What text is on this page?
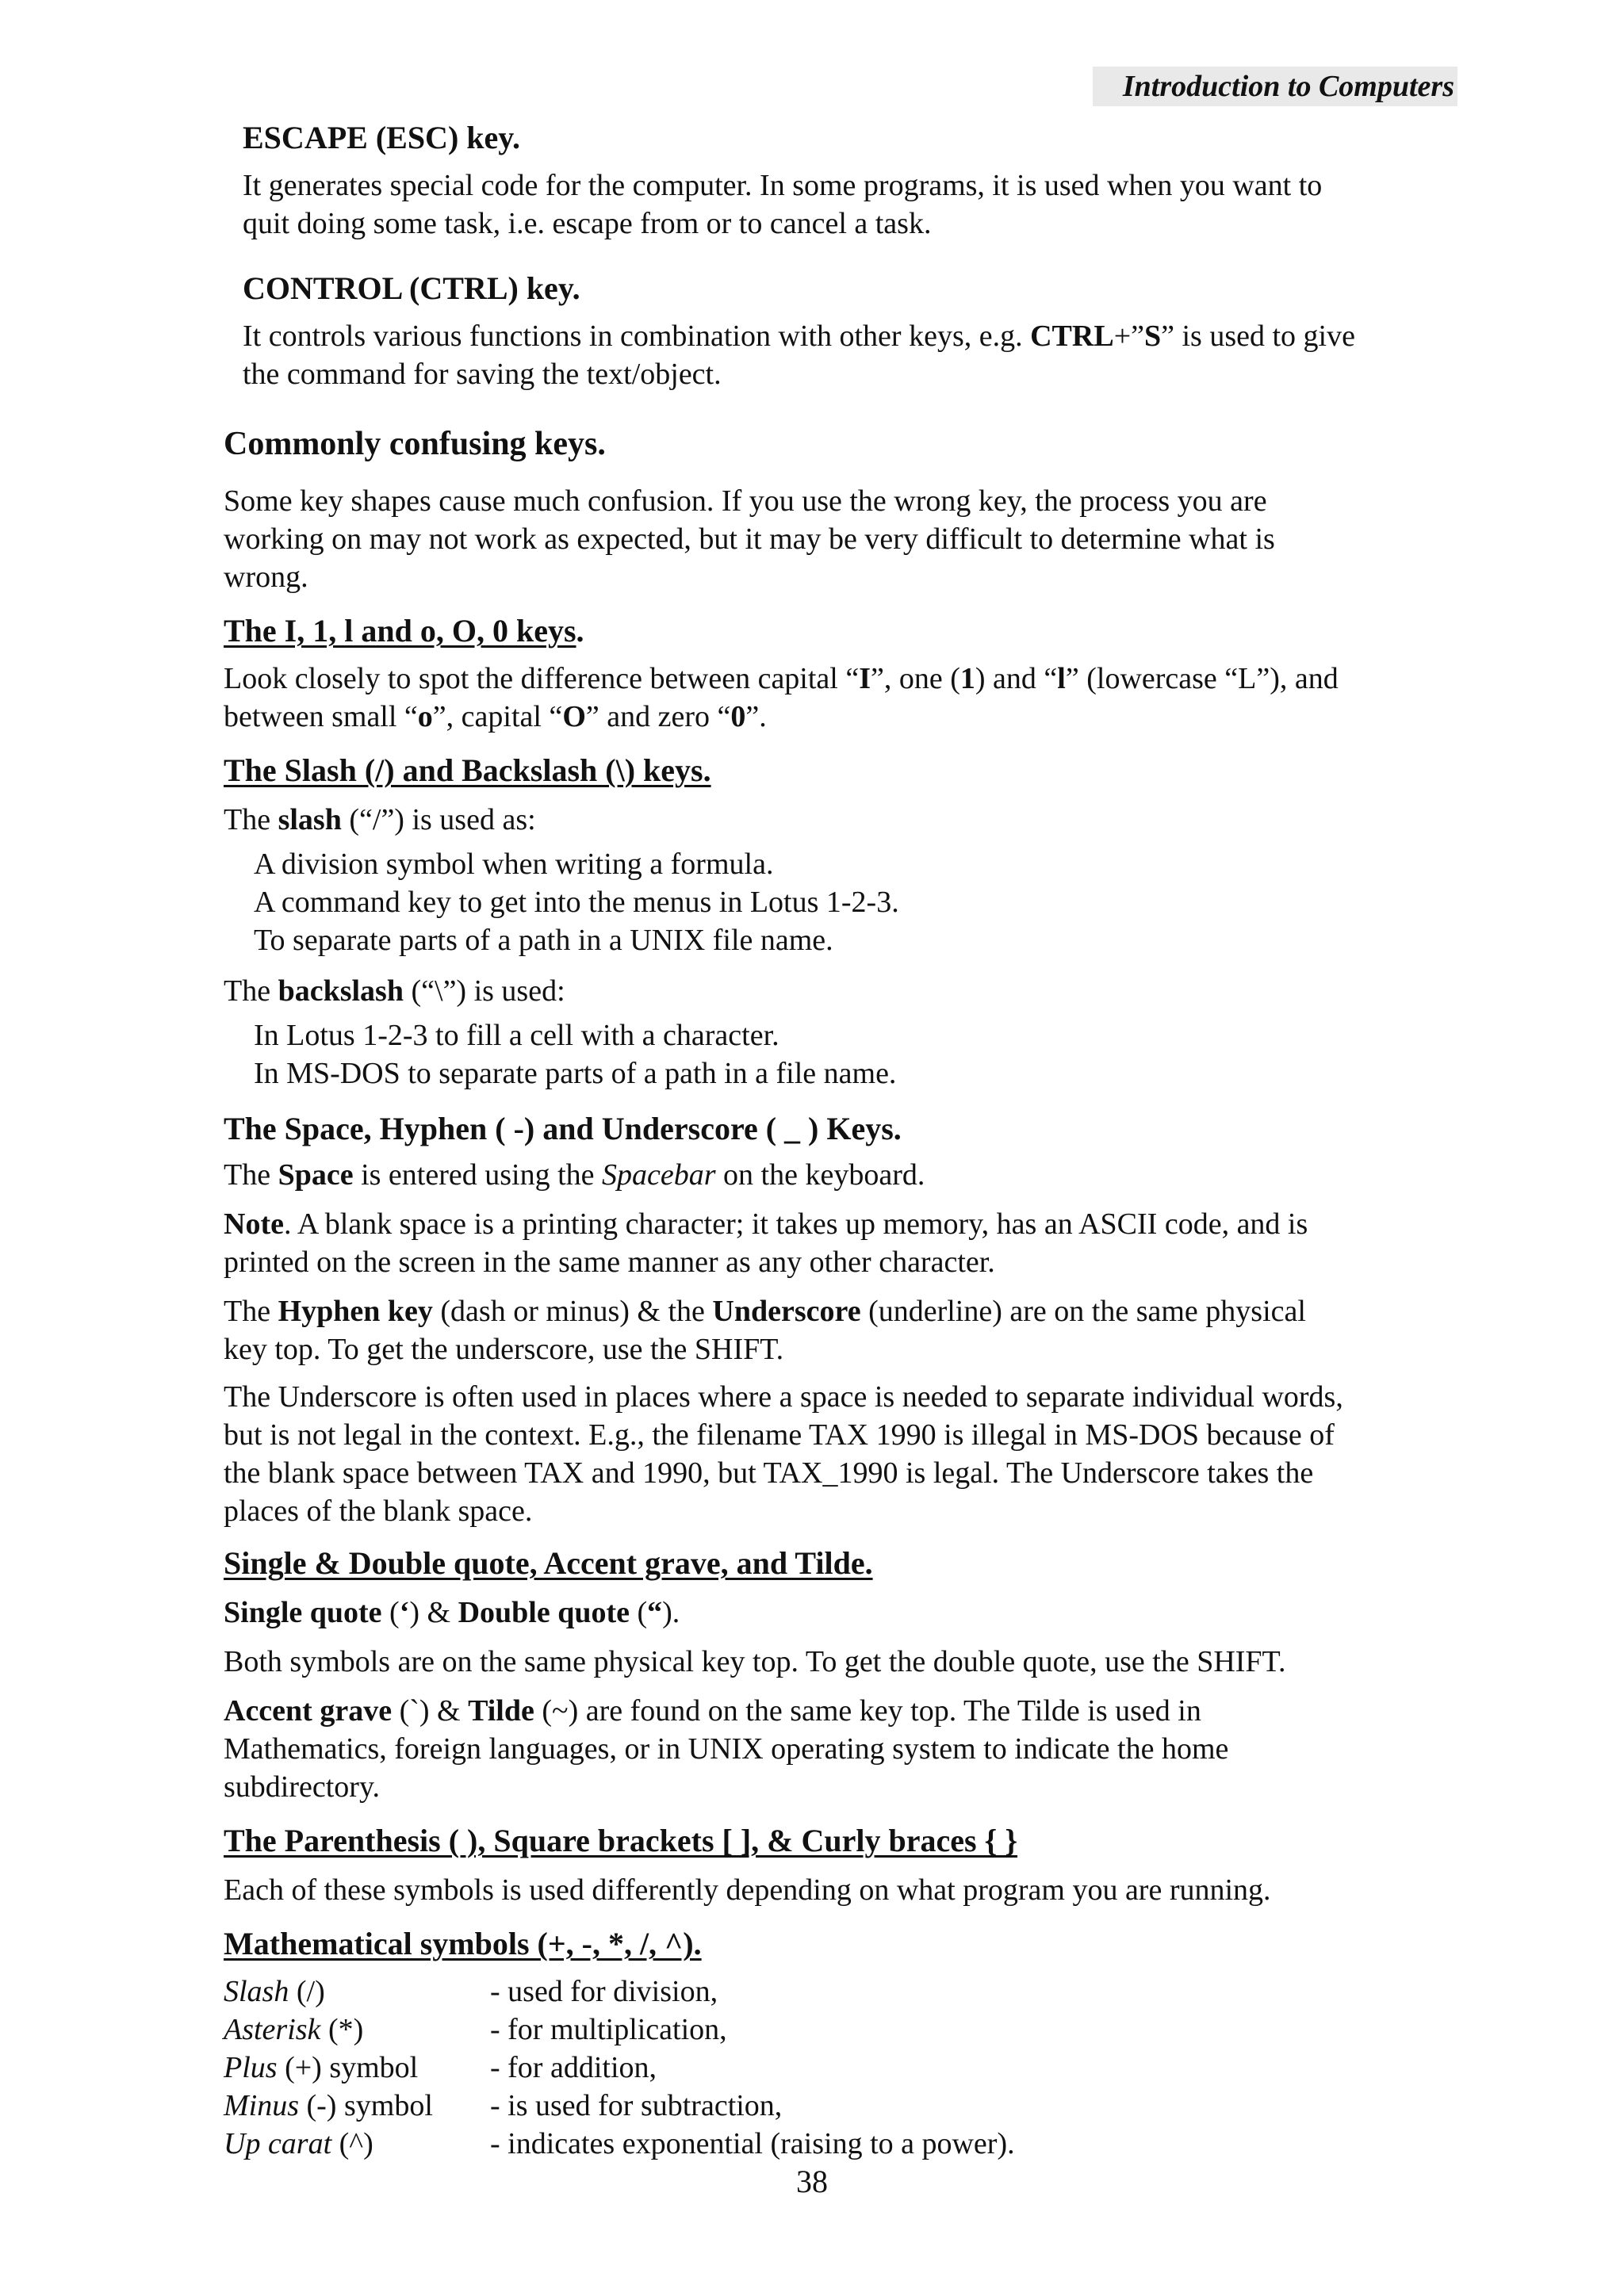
Introduction to Computers
ESCAPE (ESC) key.
It generates special code for the computer. In some programs, it is used when you want to
quit doing some task, i.e. escape from or to cancel a task.
CONTROL (CTRL) key.
It controls various functions in combination with other keys, e.g. CTRL+”S” is used to give
the command for saving the text/object.
Commonly confusing keys.
Some key shapes cause much confusion. If you use the wrong key, the process you are
working on may not work as expected, but it may be very difficult to determine what is
wrong.
The I, 1, l and o, O, 0 keys.
Look closely to spot the difference between capital “I”, one (1) and “l” (lowercase “L”), and
between small “o”, capital “O” and zero “0”.
The Slash (/) and Backslash (\) keys.
The slash (“/”) is used as:
A division symbol when writing a formula.
A command key to get into the menus in Lotus 1-2-3.
To separate parts of a path in a UNIX file name.
The backslash (“\”) is used:
In Lotus 1-2-3 to fill a cell with a character.
In MS-DOS to separate parts of a path in a file name.
The Space, Hyphen ( -) and Underscore ( _ ) Keys.
The Space is entered using the Spacebar on the keyboard.
Note. A blank space is a printing character; it takes up memory, has an ASCII code, and is
printed on the screen in the same manner as any other character.
The Hyphen key (dash or minus) & the Underscore (underline) are on the same physical
key top. To get the underscore, use the SHIFT.
The Underscore is often used in places where a space is needed to separate individual words,
but is not legal in the context. E.g., the filename TAX 1990 is illegal in MS-DOS because of
the blank space between TAX and 1990, but TAX_1990 is legal. The Underscore takes the
places of the blank space.
Single & Double quote, Accent grave, and Tilde.
Single quote (‘) & Double quote (“).
Both symbols are on the same physical key top. To get the double quote, use the SHIFT.
Accent grave (`) & Tilde (~) are found on the same key top. The Tilde is used in
Mathematics, foreign languages, or in UNIX operating system to indicate the home
subdirectory.
The Parenthesis ( ), Square brackets [ ], & Curly braces { }
Each of these symbols is used differently depending on what program you are running.
Mathematical symbols (+, -, *, /, ^).
Slash (/)	- used for division,
Asterisk (*)	- for multiplication,
Plus (+) symbol - for addition,
Minus (-) symbol - is used for subtraction,
Up carat (^)	- indicates exponential (raising to a power).
38
